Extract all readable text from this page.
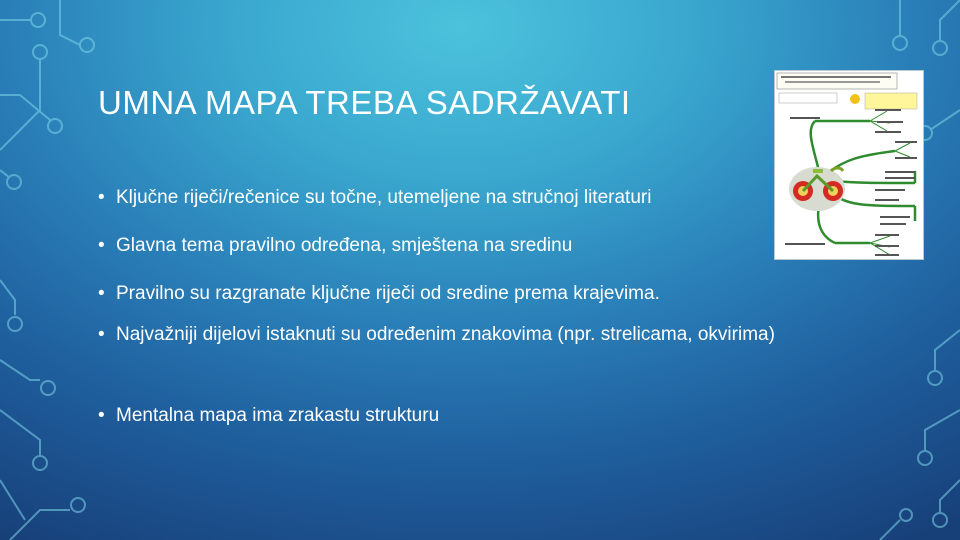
UMNA MAPA TREBA SADRŽAVATI
• Ključne riječi/rečenice su točne, utemeljene na stručnoj literaturi
• Glavna tema pravilno određena, smještena na sredinu
• Pravilno su razgranate ključne riječi od sredine prema krajevima.
• Najvažniji dijelovi istaknuti su određenim znakovima (npr. strelicama, okvirima)
• Mentalna mapa ima zrakastu strukturu
